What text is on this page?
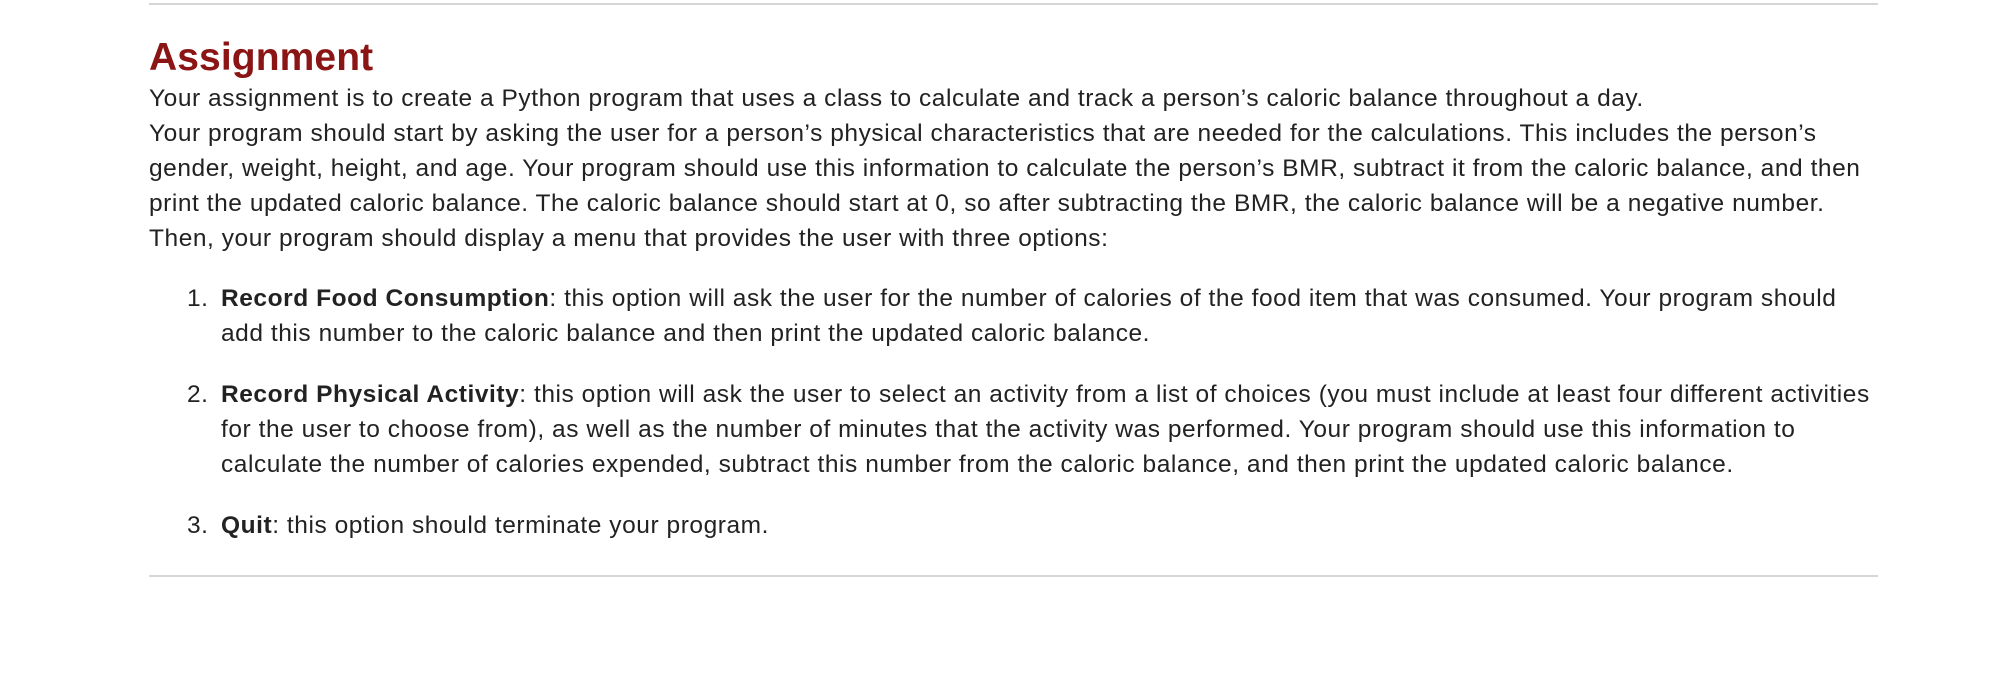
Assignment

Your assignment is to create a Python program that uses a class to calculate and track a person’s caloric balance throughout a day.

Your program should start by asking the user for a person’s physical characteristics that are needed for the calculations. This includes the person’s gender, weight, height, and age. Your program should use this information to calculate the person’s BMR, subtract it from the caloric balance, and then print the updated caloric balance. The caloric balance should start at 0, so after subtracting the BMR, the caloric balance will be a negative number. Then, your program should display a menu that provides the user with three options:

1. Record Food Consumption: this option will ask the user for the number of calories of the food item that was consumed. Your program should add this number to the caloric balance and then print the updated caloric balance.
2. Record Physical Activity: this option will ask the user to select an activity from a list of choices (you must include at least four different activities for the user to choose from), as well as the number of minutes that the activity was performed. Your program should use this information to calculate the number of calories expended, subtract this number from the caloric balance, and then print the updated caloric balance.
3. Quit: this option should terminate your program.
